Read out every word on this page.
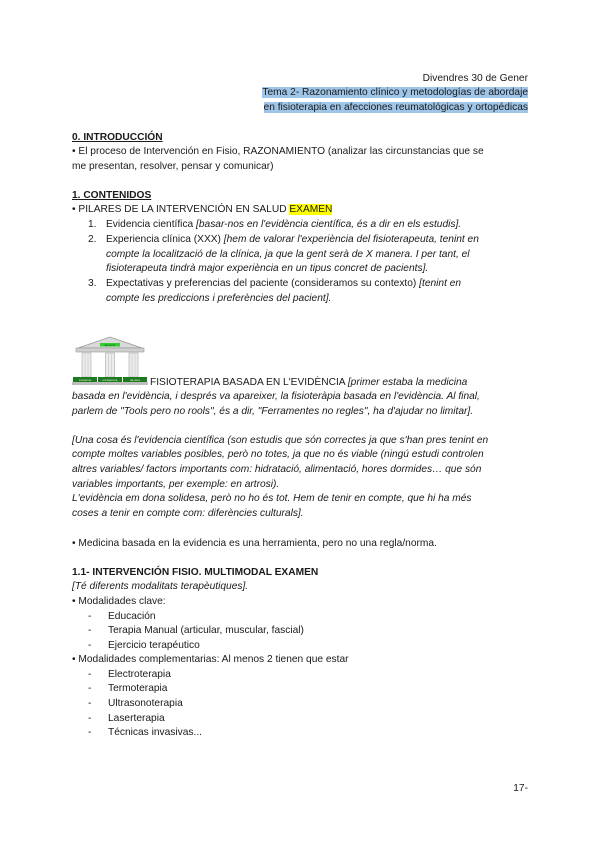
Divendres 30 de Gener
Tema 2- Razonamiento clínico y metodologías de abordaje
en fisioterapia en afecciones reumatológicas y ortopédicas
0. INTRODUCCIÓN
• El proceso de Intervención en Fisio, RAZONAMIENTO (analizar las circunstancias que se
me presentan, resolver, pensar y comunicar)
1. CONTENIDOS
• PILARES DE LA INTERVENCIÓN EN SALUD EXAMEN
1. Evidencia científica [basar-nos en l'evidència científica, és a dir en els estudis].
2. Experiencia clínica (XXX) [hem de valorar l'experiència del fisioterapeuta, tenint en
compte la localització de la clínica, ja que la gent serà de X manera. I per tant, el
fisioterapeuta tindrà major experiència en un tipus concret de pacients].
3. Expectativas y preferencias del paciente (consideramos su contexto) [tenint en
compte les prediccions i preferències del pacient].
PACIENTE
EVIDENCIA	EXPERIENCIA	VALORES FISIOTERAPIA BASADA EN L'EVIDÈNCIA [primer estaba la medicina
basada en l'evidència, i després va apareixer, la fisioteràpia basada en l'evidència. Al final,
parlem de "Tools pero no rools", és a dir, "Ferramentes no regles", ha d'ajudar no limitar].
[Una cosa és l'evidencia científica (son estudis que són correctes ja que s'han pres tenint en
compte moltes variables posibles, però no totes, ja que no és viable (ningú estudi controlen
altres variables/ factors importants com: hidratació, alimentació, hores dormides… que són
variables importants, per exemple: en artrosi).
L'evidència em dona solidesa, però no ho és tot. Hem de tenir en compte, que hi ha més
coses a tenir en compte com: diferències culturals].
• Medicina basada en la evidencia es una herramienta, pero no una regla/norma.
1.1- INTERVENCIÓN FISIO. MULTIMODAL EXAMEN
[Té diferents modalitats terapèutiques].
• Modalidades clave:
- Educación
- Terapia Manual (articular, muscular, fascial)
- Ejercicio terapéutico
• Modalidades complementarias: Al menos 2 tienen que estar
- Electroterapia
- Termoterapia
- Ultrasonoterapia
- Laserterapia
- Técnicas invasivas...
17-
